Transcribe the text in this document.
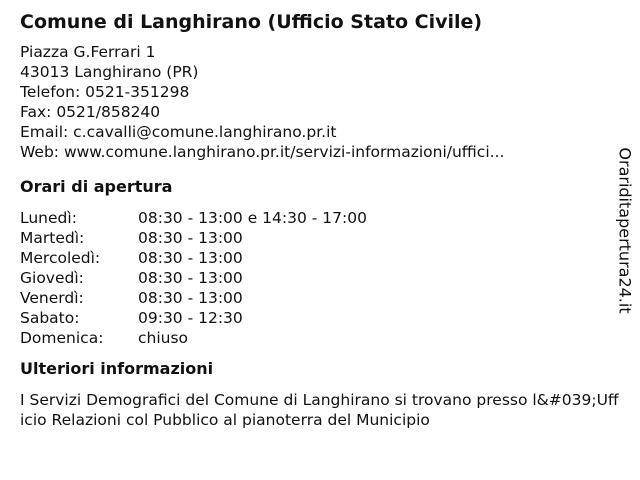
Comune di Langhirano (Ufficio Stato Civile)
Piazza G.Ferrari 1
43013 Langhirano (PR)
Telefon: 0521-351298
Fax: 0521/858240
Email: c.cavalli@comune.langhirano.pr.it
Web: www.comune.langhirano.pr.it/servizi-informazioni/uffici...
Orari di apertura
Lunedì:	08:30 - 13:00 e 14:30 - 17:00
Martedì:	08:30 - 13:00
Mercoledì:	08:30 - 13:00
Giovedì:	08:30 - 13:00
Venerdì:	08:30 - 13:00
Sabato:	09:30 - 12:30
Domenica:	chiuso
Ulteriori informazioni
I Servizi Demografici del Comune di Langhirano si trovano presso l&#039;Ufficio Relazioni col Pubblico al pianoterra del Municipio
Orariditapertura24.it
